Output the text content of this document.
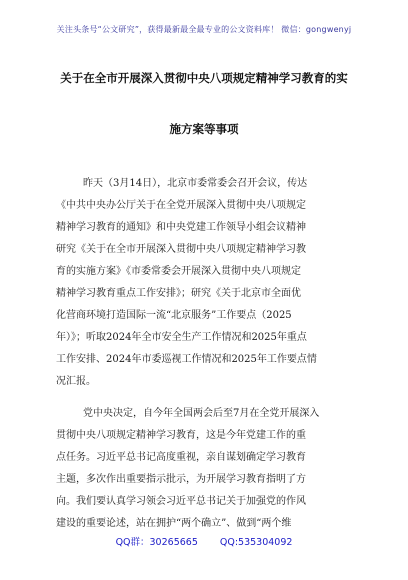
关注头条号“公文研究”，获得最新最全最专业的公文资料库！ 微信：gongwenyj
关于在全市开展深入贯彻中央八项规定精神学习教育的实
施方案等事项
昨天（3月14日），北京市委常委会召开会议，传达
《中共中央办公厅关于在全党开展深入贯彻中央八项规定
精神学习教育的通知》和中央党建工作领导小组会议精神
研究《关于在全市开展深入贯彻中央八项规定精神学习教
育的实施方案》《市委常委会开展深入贯彻中央八项规定
精神学习教育重点工作安排》；研究《关于北京市全面优
化营商环境打造国际一流“北京服务”工作要点（2025
年）》；听取2024年全市安全生产工作情况和2025年重点
工作安排、2024年市委巡视工作情况和2025年工作要点情
况汇报。
党中央决定，自今年全国两会后至7月在全党开展深入
贯彻中央八项规定精神学习教育，这是今年党建工作的重
点任务。习近平总书记高度重视，亲自谋划确定学习教育
主题，多次作出重要指示批示，为开展学习教育指明了方
向。我们要认真学习领会习近平总书记关于加强党的作风
建设的重要论述，站在拥护“两个确立”、做到“两个维
QQ群：30265665 QQ:535304092
